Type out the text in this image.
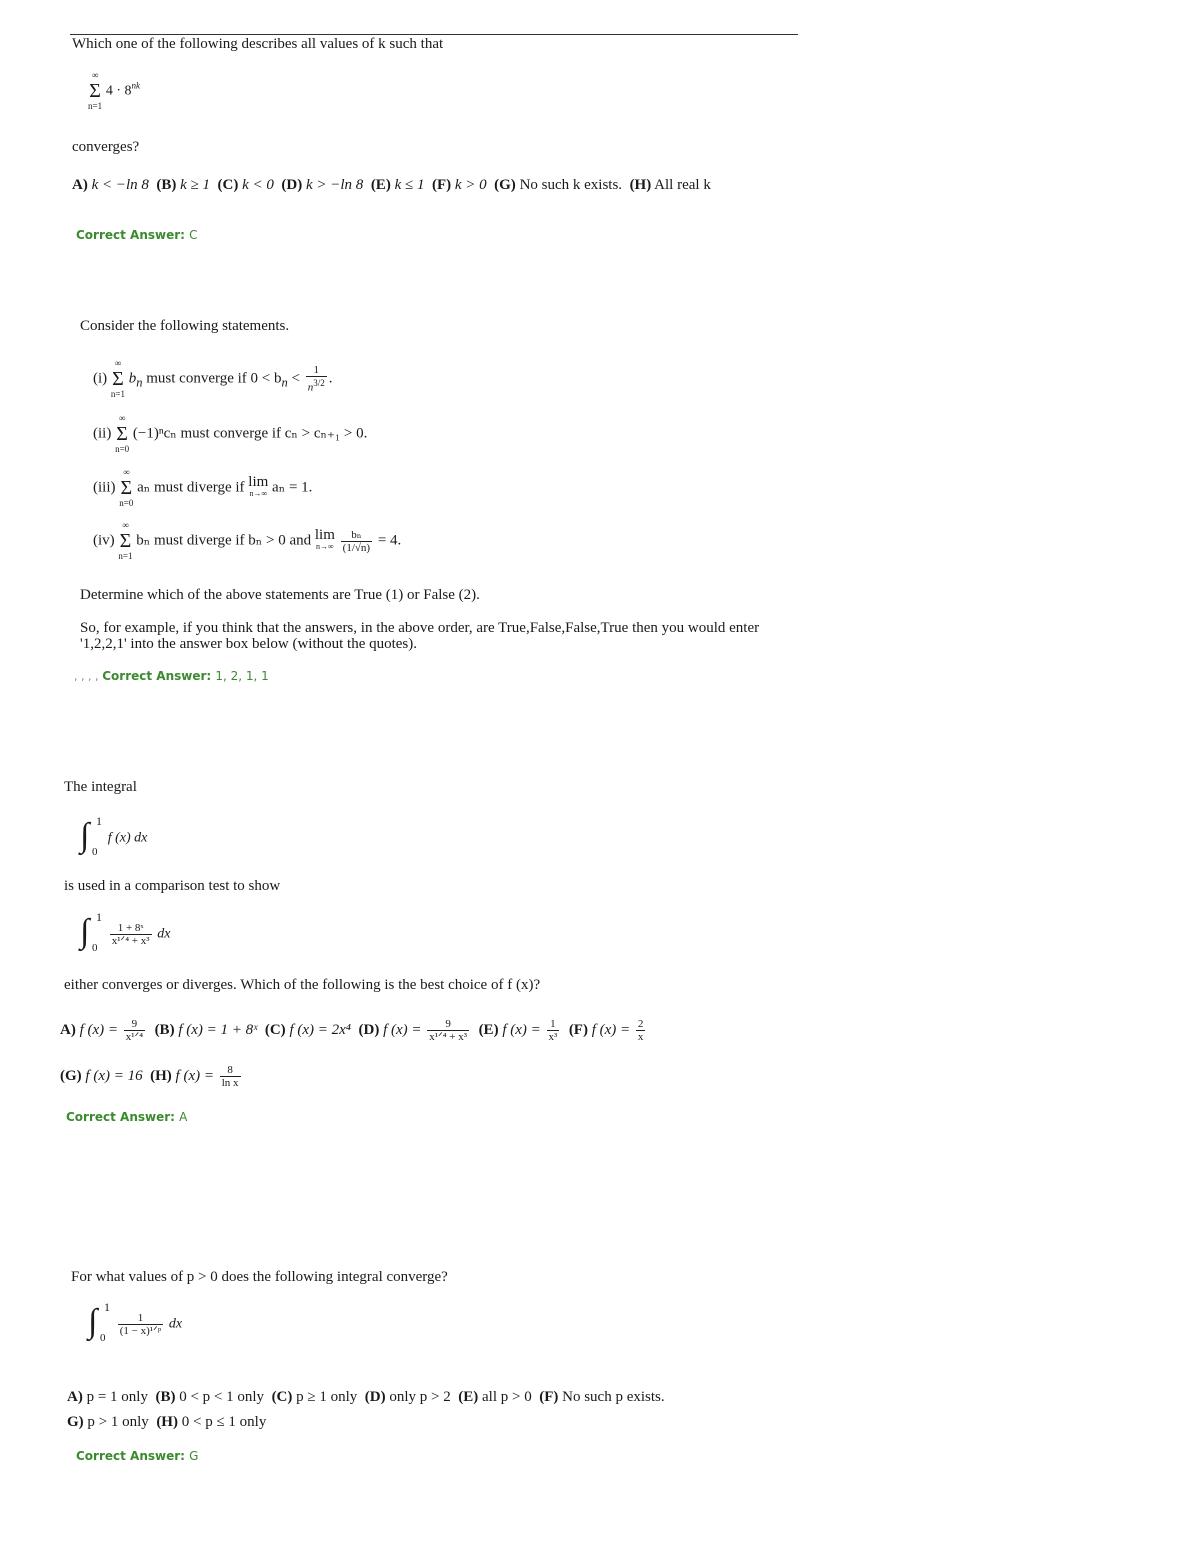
Which one of the following describes all values of k such that
∞
Σ
n=1
$4 \cdot 8^{nk}$
converges?
A) k < −ln 8 (B) k ≥ 1 (C) k < 0 (D) k > −ln 8 (E) k ≤ 1 (F) k > 0 (G) No such k exists. (H) All real k
Correct Answer: C
Consider the following statements.
(i)
∞
Σ
n=1
$b_n$ must converge if $0 < b_n < \frac{1}{n^{3/2}}$ .
(ii)
∞
Σ
n=0
(−1)ⁿcₙ must converge if cₙ > cₙ₊₁ > 0.
(iii)
∞
Σ
n=0
aₙ must diverge if lim
n→∞ aₙ = 1.
(iv)
∞
Σ
n=1
bₙ must diverge if bₙ > 0 and lim
n→∞
$\frac{\text{bₙ}}{(1/√n)} = 4$.
Determine which of the above statements are True (1) or False (2).
So, for example, if you think that the answers, in the above order, are True,False,False,True then you would enter
'1,2,2,1' into the answer box below (without the quotes).
, , , , Correct Answer: 1, 2, 1, 1
The integral
∫ 1
0
f (x) dx
is used in a comparison test to show
∫ 1
0

$\frac{\text{1 + 8ˣ}}{\text{x¹ᐟ⁴ + x³}}$ dx
either converges or diverges. Which of the following is the best choice of f (x)?
A) f $(x) = \frac{9}{\text{x¹ᐟ⁴}} (B)$ f (x) = 1 + 8ˣ (C) f (x) = 2x⁴ (D) f $(x) = \frac{9}{\text{x¹ᐟ⁴ + x³}} (E)$ f $(x) = \frac{1}{\text{x³}} (F)$ f $(x) = \frac{2}{x}$
(G) f (x) = 16 (H) f $(x) = \frac{8}{\text{ln x}}$
Correct Answer: A
For what values of p > 0 does the following integral converge?
∫ 1
0

$\frac{1}{\text{(1 − x)¹ᐟᵖ}}$ dx
A) p = 1 only (B) 0 < p < 1 only (C) p ≥ 1 only (D) only p > 2 (E) all p > 0 (F) No such p exists.
G) p > 1 only (H) 0 < p ≤ 1 only
Correct Answer: G
